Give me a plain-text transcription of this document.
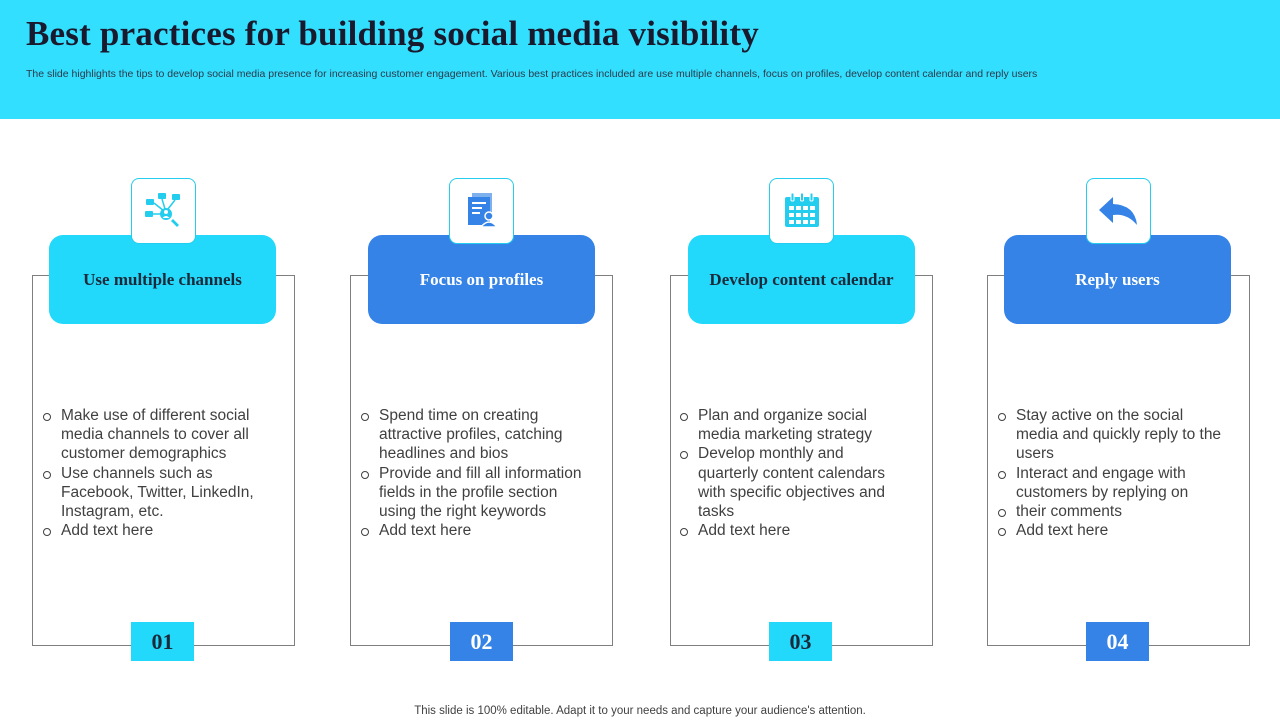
Best practices for building social media visibility
The slide highlights the tips to develop social media presence for increasing customer engagement. Various best practices included are use multiple channels, focus on profiles, develop content calendar and reply users
Use multiple channels
Make use of different social media channels to cover all customer demographics
Use channels such as Facebook, Twitter, LinkedIn, Instagram, etc.
Add text here
01
Focus on profiles
Spend time on creating attractive profiles, catching headlines and bios
Provide and fill all information fields in the profile section using the right keywords
Add text here
02
Develop content calendar
Plan and organize social media marketing strategy
Develop monthly and quarterly content calendars with specific objectives and tasks
Add text here
03
Reply users
Stay active on the social media and quickly reply to the users
Interact and engage with customers by replying on
their comments
Add text here
04
This slide is 100% editable. Adapt it to your needs and capture your audience's attention.
